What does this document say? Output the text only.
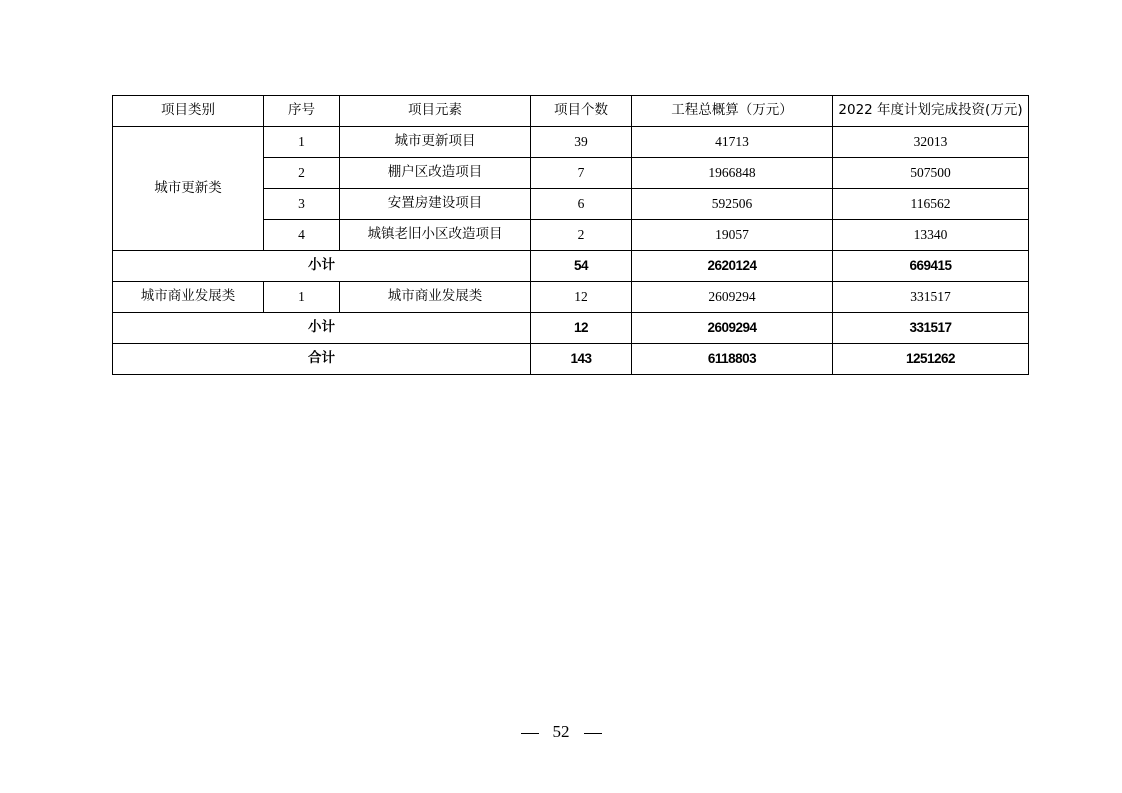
项目类别	序号	项目元素	项目个数	工程总概算（万元）	2022 年度计划完成投资(万元)
城市更新类	1	城市更新项目	39	41713	32013
	2	棚户区改造项目	7	1966848	507500
	3	安置房建设项目	6	592506	116562
	4	城镇老旧小区改造项目	2	19057	13340
小计			54	2620124	669415
城市商业发展类	1	城市商业发展类	12	2609294	331517
小计			12	2609294	331517
合计			143	6118803	1251262
52
